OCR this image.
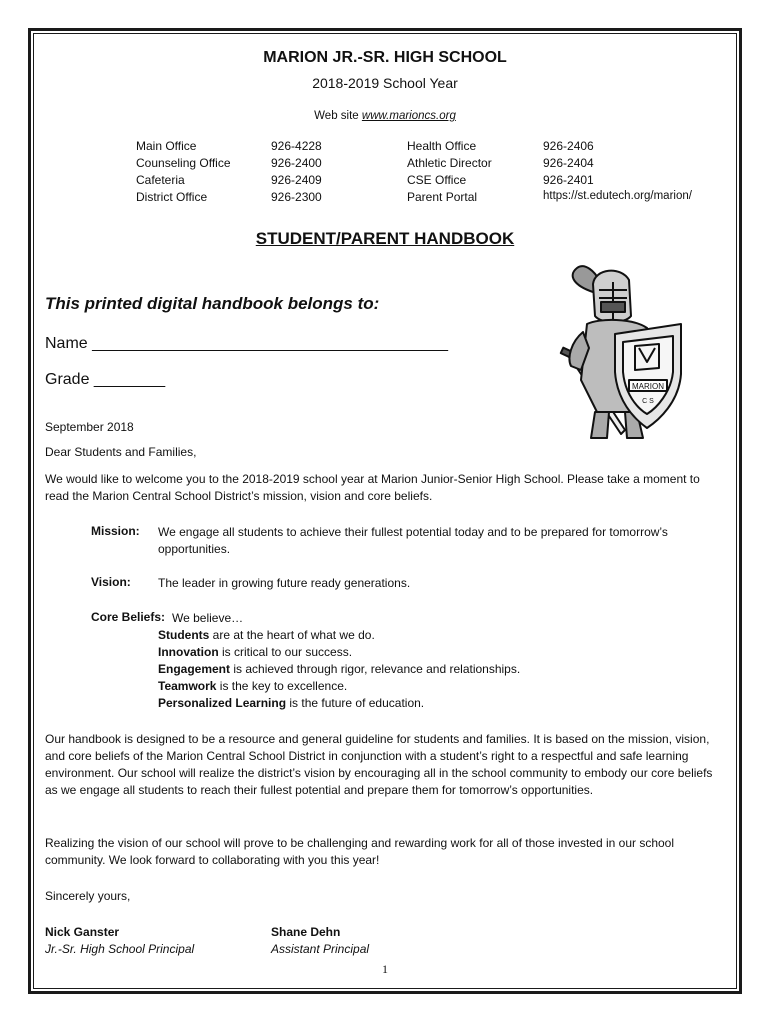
MARION JR.-SR. HIGH SCHOOL
2018-2019 School Year
Web site www.marioncs.org
Main Office	926-4228	Health Office	926-2406
Counseling Office	926-2400	Athletic Director	926-2404
Cafeteria	926-2409	CSE Office	926-2401
District Office	926-2300	Parent Portal	https://st.edutech.org/marion/
STUDENT/PARENT HANDBOOK
This printed digital handbook belongs to:
Name ________________________________________
Grade ________	MARION
C S
September 2018
Dear Students and Families,
We would like to welcome you to the 2018-2019 school year at Marion Junior-Senior High School. Please take a moment to read the Marion Central School District’s mission, vision and core beliefs.
Mission: We engage all students to achieve their fullest potential today and to be prepared for tomorrow’s opportunities.
Vision: The leader in growing future ready generations.
Core Beliefs: We believe…
Students are at the heart of what we do.
Innovation is critical to our success.
Engagement is achieved through rigor, relevance and relationships.
Teamwork is the key to excellence.
Personalized Learning is the future of education.
Our handbook is designed to be a resource and general guideline for students and families. It is based on the mission, vision, and core beliefs of the Marion Central School District in conjunction with a student’s right to a respectful and safe learning environment. Our school will realize the district’s vision by encouraging all in the school community to embody our core beliefs as we engage all students to reach their fullest potential and prepare them for tomorrow’s opportunities.
Realizing the vision of our school will prove to be challenging and rewarding work for all of those invested in our school community. We look forward to collaborating with you this year!
Sincerely yours,
Nick Ganster
Jr.-Sr. High School Principal
Shane Dehn
Assistant Principal
1
